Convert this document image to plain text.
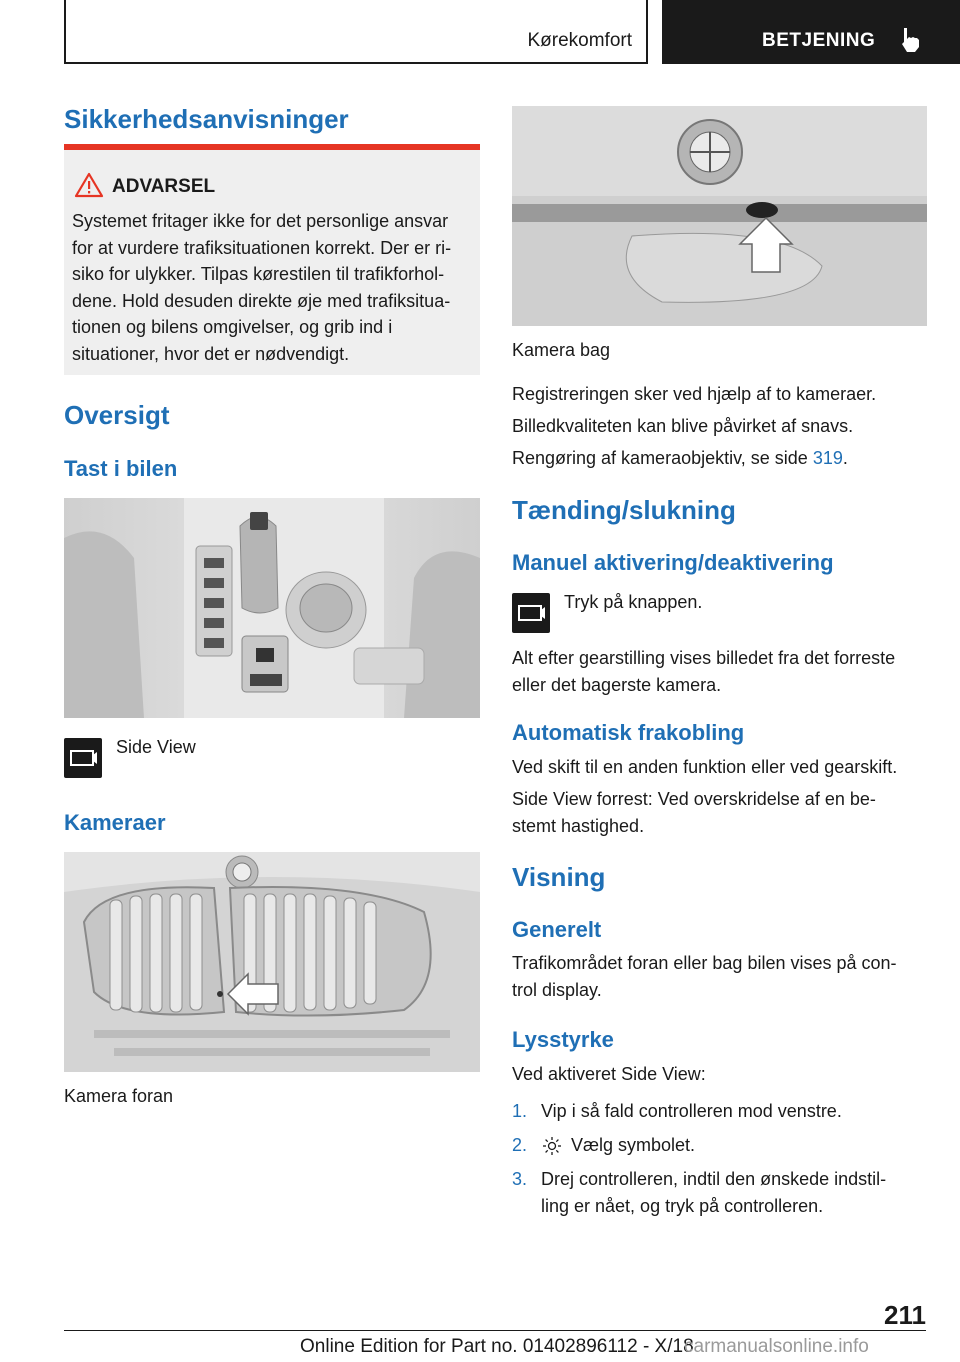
Kørekomfort	BETJENING
Sikkerhedsanvisninger
ADVARSEL
Systemet fritager ikke for det personlige ansvar
for at vurdere trafiksituationen korrekt. Der er ri-
siko for ulykker. Tilpas kørestilen til trafikforhol-
dene. Hold desuden direkte øje med trafiksitua-
tionen og bilens omgivelser, og grib ind i
situationer, hvor det er nødvendigt.
Oversigt
Tast i bilen
Side View
Kameraer
Kamera foran
Kamera bag
Registreringen sker ved hjælp af to kameraer.
Billedkvaliteten kan blive påvirket af snavs.
Rengøring af kameraobjektiv, se side 319.
Tænding/slukning
Manuel aktivering/deaktivering
Tryk på knappen.
Alt efter gearstilling vises billedet fra det forreste
eller det bagerste kamera.
Automatisk frakobling
Ved skift til en anden funktion eller ved gearskift.
Side View forrest: Ved overskridelse af en be-
stemt hastighed.
Visning
Generelt
Trafikområdet foran eller bag bilen vises på con-
trol display.
Lysstyrke
Ved aktiveret Side View:
1. Vip i så fald controlleren mod venstre.
2. Vælg symbolet.
3. Drej controlleren, indtil den ønskede indstil-
ling er nået, og tryk på controlleren.
211
Online Edition for Part no. 01402896112 - X/18
carmanualsonline.info
